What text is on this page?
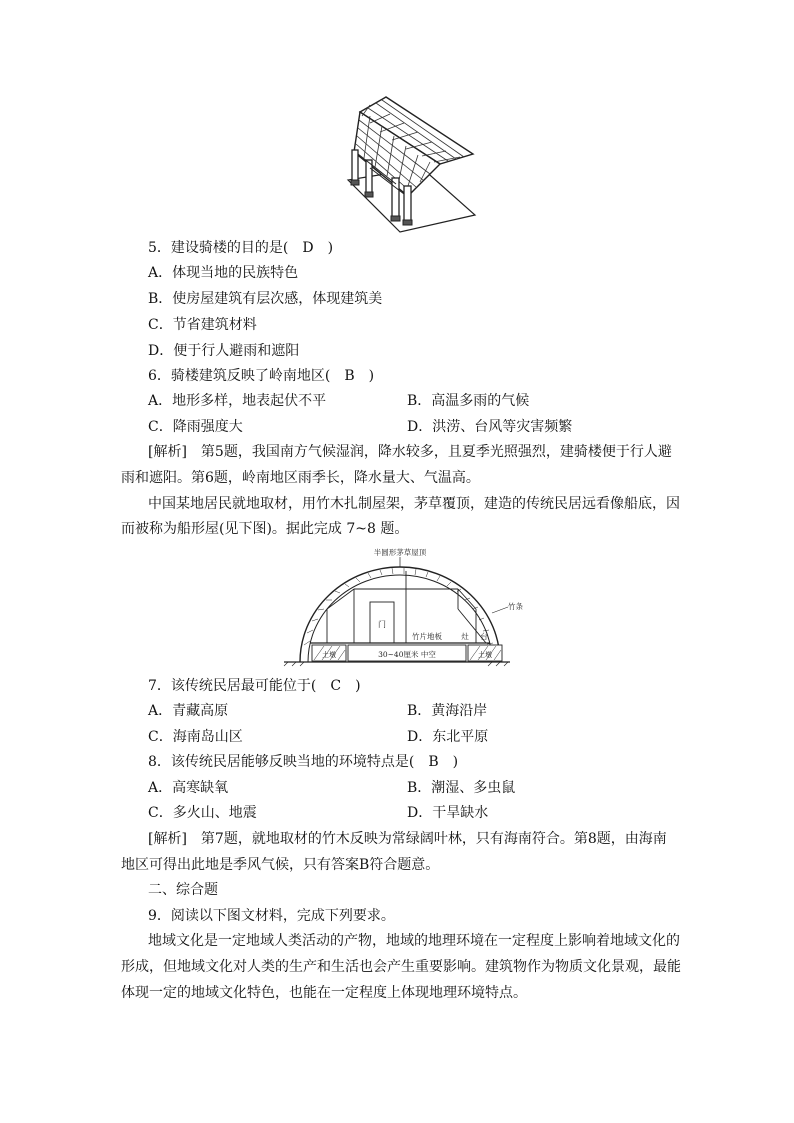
5．建设骑楼的目的是( D )
A．体现当地的民族特色
B．使房屋建筑有层次感，体现建筑美
C．节省建筑材料
D．便于行人避雨和遮阳
6．骑楼建筑反映了岭南地区( B )
A．地形多样，地表起伏不平	B．高温多雨的气候
C．降雨强度大	D．洪涝、台风等灾害频繁
[解析]　第5题，我国南方气候湿润，降水较多，且夏季光照强烈，建骑楼便于行人避
雨和遮阳。第6题，岭南地区雨季长，降水量大、气温高。
中国某地居民就地取材，用竹木扎制屋架，茅草覆顶，建造的传统民居远看像船底，因
而被称为船形屋(见下图)。据此完成 7~8 题。
半圆形茅草屋顶
门
竹片地板	灶 台
竹条
土墩	土墩
30~40厘米 中空
7．该传统民居最可能位于( C )
A．青藏高原	B．黄海沿岸
C．海南岛山区	D．东北平原
8．该传统民居能够反映当地的环境特点是( B )
A．高寒缺氧	B．潮湿、多虫鼠
C．多火山、地震	D．干旱缺水
[解析]　第7题，就地取材的竹木反映为常绿阔叶林，只有海南符合。第8题，由海南
地区可得出此地是季风气候，只有答案B符合题意。
二、综合题
9．阅读以下图文材料，完成下列要求。
地域文化是一定地域人类活动的产物，地域的地理环境在一定程度上影响着地域文化的
形成，但地域文化对人类的生产和生活也会产生重要影响。建筑物作为物质文化景观，最能
体现一定的地域文化特色，也能在一定程度上体现地理环境特点。
